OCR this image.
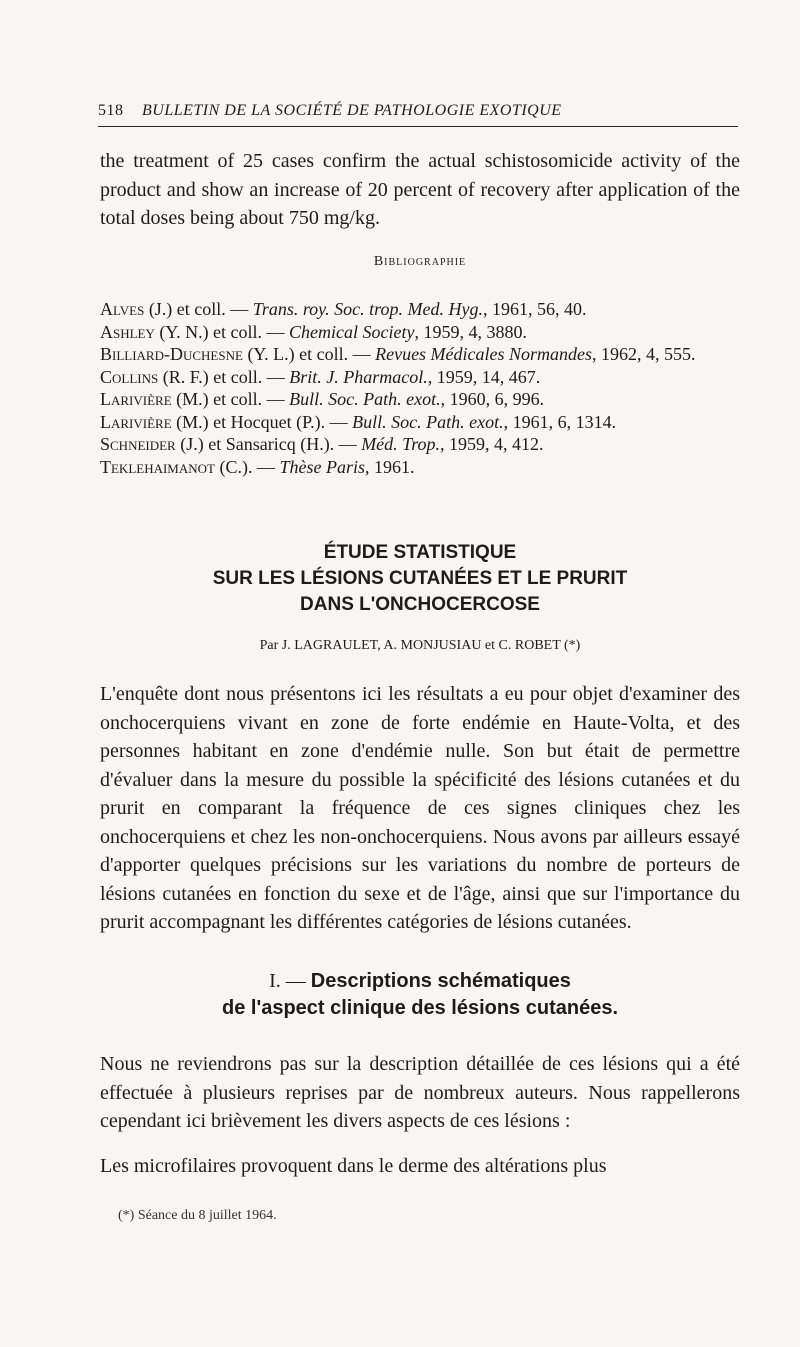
518 BULLETIN DE LA SOCIÉTÉ DE PATHOLOGIE EXOTIQUE
the treatment of 25 cases confirm the actual schistosomicide activity of the product and show an increase of 20 percent of recovery after application of the total doses being about 750 mg/kg.
Bibliographie

Alves (J.) et coll. — Trans. roy. Soc. trop. Med. Hyg., 1961, 56, 40.

Ashley (Y. N.) et coll. — Chemical Society, 1959, 4, 3880.

Billiard-Duchesne (Y. L.) et coll. — Revues Médicales Normandes, 1962, 4, 555.

Collins (R. F.) et coll. — Brit. J. Pharmacol., 1959, 14, 467.

Larivière (M.) et coll. — Bull. Soc. Path. exot., 1960, 6, 996.

Larivière (M.) et Hocquet (P.). — Bull. Soc. Path. exot., 1961, 6, 1314.

Schneider (J.) et Sansaricq (H.). — Méd. Trop., 1959, 4, 412.

Teklehaimanot (C.). — Thèse Paris, 1961.

ÉTUDE STATISTIQUE
SUR LES LÉSIONS CUTANÉES ET LE PRURIT
DANS L'ONCHOCERCOSE
Par J. LAGRAULET, A. MONJUSIAU et C. ROBET (*)
L'enquête dont nous présentons ici les résultats a eu pour objet d'examiner des onchocerquiens vivant en zone de forte endémie en Haute-Volta, et des personnes habitant en zone d'endémie nulle. Son but était de permettre d'évaluer dans la mesure du possible la spécificité des lésions cutanées et du prurit en comparant la fréquence de ces signes cliniques chez les onchocerquiens et chez les non-onchocerquiens. Nous avons par ailleurs essayé d'apporter quelques précisions sur les variations du nombre de porteurs de lésions cutanées en fonction du sexe et de l'âge, ainsi que sur l'importance du prurit accompagnant les différentes catégories de lésions cutanées.
I. — Descriptions schématiques
de l'aspect clinique des lésions cutanées.
Nous ne reviendrons pas sur la description détaillée de ces lésions qui a été effectuée à plusieurs reprises par de nombreux auteurs. Nous rappellerons cependant ici brièvement les divers aspects de ces lésions :
Les microfilaires provoquent dans le derme des altérations plus
(*) Séance du 8 juillet 1964.
